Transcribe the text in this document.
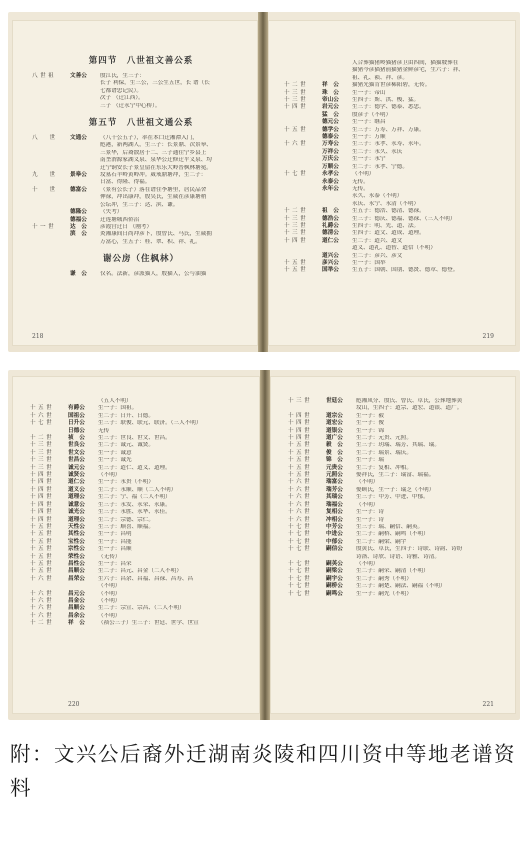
第四节　八世祖文善公系
八 世 祖	文善公	殷江氏，生三子：
长子 利保，生三公，三公生五世，长 谱（长
七都谱忠记民）。
次子 （迁江西）。
三子 （迁永宁中心桥）。
第五节　八世祖文通公系
八　　世	文通公	（八十公五子），率在本口迁湘潭入门，
彪港，新两湖人，生三子：长景鼎、次景皋、
三景华，后裔散居于二、三子通往宁乡县上
南垄渭源家湖义泉、泉华公迁修迁平义泉、均
迁宁铜安长子景皇留在东乐大岭普枫林塘冕。
九　　世	景皋公	坟墓石羊岭黄岭冲。葳戒鼎塘冲，生二子：
日富、得隆、得福。
十　　世	德富公	（景有公长子）落在谱住李塘里，居民品舍
伸禄，冲出康冲，殷吴氏，生葳在彦康塘稍
公坛冲，生三子：达、滨、谦。
德隆公	（失考）
德福公	迁莲塘城西侨沼
十 一 世	达　公	彦霞宫迁日 （刚考）
滨　公	炎湘康间日尚冲彦卜，殷曾氏、马氏，生葳拥
万富心，生五子：桂、翠、积、祥、礼。
谢公房（住枫林）
谦　公	仅名。法新，彦派猫人，殷猫人，公与油猫
218
人合葬猫猪岭猫猪彦卫由四间，猫猫坡葬在
猫猪今彦猫猪前猫猪金鲜彦宅，生六子：祥、
祖、礼、祯、祥、彦。
十 二 世	祥　公	猫猪光猫肯世彦稀阳碧，无传。
十 三 世	珠　公	生一子：帝山
十 三 世	帝山公	生四子：斯、洪、梭、猛。
十 四 世	岩元公	生三子：德学、德泰、悉忠。
猛　公	殷彦子（不明）
德元公	生一子：继昌
十 五 世	德学公	生三子：万寿、万祥、万康。
德泰公	生一子：万顺
十 六 世	万寿公	生三子：永孝、永寿、永年。
万祥公	生二子：永久、永庆
万庆公	生一子：永宁
万顺公	生二子：永孝、宁德。
十 七 世	永孝公	（不明）
永泰公	无传。
永年公	无传。
永久、永泰（不明）
永庆、永宁、永清（不明）
十 二 世	祖　公	生五子：德浩、德清、德禄。
十 三 世	德浩公	生三子：德庆、德福、德禄、（三人不明）
十 三 世	礼爵公	生四子：明、先、道、法。
十 三 世	德清公	生四子：道文、道成、道理。
十 四 世	道仁公	生二子：道兴、道文
道义、道礼、道智、道信（不明）
道兴公	生二子：彦兴、彦文
十 五 世	彦兴公	生一子：国举
十 五 世	国举公	生五子：国朝、国朋、德贤、德章、德登。
219
（五人不明）
十 五 世	有爵公	生一子：国祖。
十 六 世	国祖公	生二子：日升、日德。
十 七 世	日升公	生三子：联俊、联元、联济。（三人不明）
日德公	无传
十 二 世	祯　公	生三子：世良、世文、世昌。
十 三 世	世良公	生二子：诚元、诚贤。
十 三 世	世文公	生一子：诚意
十 三 世	世昌公	生一子：诚光
十 三 世	诚元公	生三子：道仁、道义、道理。
十 四 世	诚贤公	（不明）
十 四 世	道仁公	生一子：永贵（不明）
十 四 世	道义公	生二子：永顺、顺（二人不明）
十 四 世	道理公	生二子：宁、福（二人不明）
十 四 世	诚意公	生三子：永发、永荣、永康。
十 四 世	诚光公	生三子：永胜、永华、永佳。
十 四 世	道理公	生二子：宗德、宗仁。
十 五 世	天性公	生三子：顺喜、顺福。
十 五 世	其性公	生一子：昌明
十 五 世	宝性公	生一子：昌能
十 五 世	宗性公	生一子：昌顺
十 五 世	荣性公	（无传）
十 五 世	昌性公	生一子：昌荣
十 五 世	昌顺公	生二子：昌元、昌金（二人不明）
十 六 世	昌荣公	生六子：昌余、昌福、昌禄、昌寿、昌
（不明）
十 六 世	昌元公	（不明）
十 六 世	昌金公	（不明）
十 六 世	昌顺公	生二子：宗宣、宗昌、（二人不明）
十 六 世	昌余公	（不明）
十 二 世	祥　公	（祯公三子）生三子：世廷、世学、世宣
220
十 三 世	世廷公	彪湘凤分、殷氏、曾氏、卓氏，公葬地葬黄
坟山，生四子：道宗、道宏、道银、道广。
十 四 世	道宗公	生一子：毅
十 四 世	道宏公	生一子：俊
十 四 世	道银公	生一子：锦
十 四 世	道广公	生二子：元贵、元照。
十 五 世	毅　公	生三子：玥瑞、瑞芳、其瑞、瑞。
十 五 世	俊　公	生二子：瑞景、瑞庆。
十 五 世	锦　公	生一子：瑞
十 五 世	元贵公	生二子：复相、冲相。
十 五 世	元照公	娶祥氏，生二子：瑞富、瑞福。
十 六 世	瑞富公	（不明）
十 六 世	瑞芳公	娶顾氏，生一子：瑞芝（不明）
十 六 世	其瑞公	生三子：中芳、中进、中郁。
十 六 世	瑞福公	（不明）
十 六 世	复相公	生一子：诗
十 六 世	冲相公	生一子：诗
十 七 世	中芳公	生三子：瑞、嗣信、嗣英。
十 七 世	中进公	生二子：嗣桥、嗣鸣（不明）
十 七 世	中郁公	生二子：嗣梁、嗣宇
十 七 世	嗣信公	殷黄氏、卓氏，生四子：诗联、诗韵、诗纷
诗洛、诗欣、诗语、诗雅、诗清。
十 七 世	嗣英公	（不明）
十 七 世	嗣梁公	生二子：嗣荣、嗣清（不明）
十 七 世	嗣宇公	生二子：嗣秀（不明）
十 七 世	嗣桥公	生三子：嗣楚、嗣法、嗣福（不明）
十 七 世	嗣鸣公	生一子：嗣先（不明）
221
附：文兴公后裔外迁湖南炎陵和四川资中等地老谱资料
